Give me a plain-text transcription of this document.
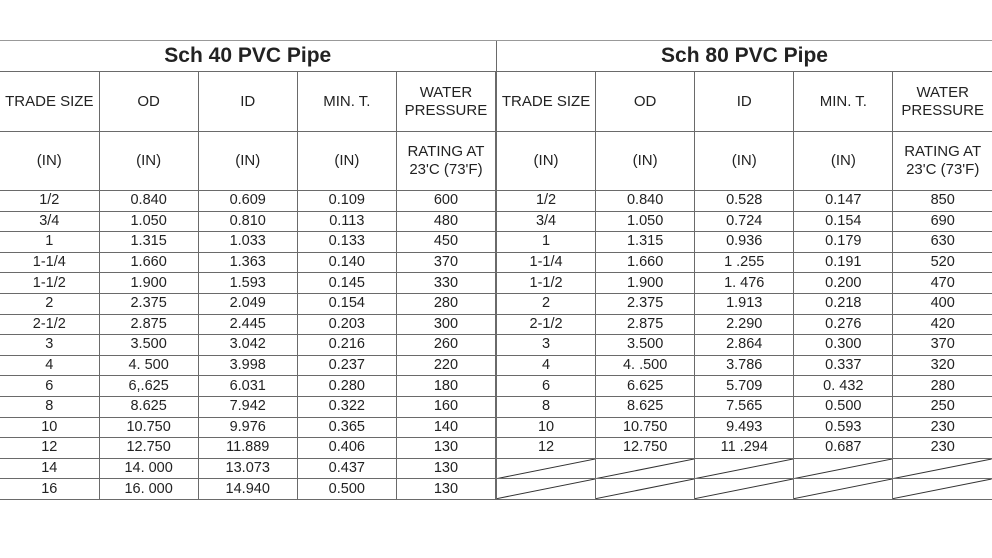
Sch 40 PVC Pipe				
TRADE SIZE	OD	ID	MIN. T.	WATER
PRESSURE
(IN)	(IN)	(IN)	(IN)	RATING AT
23'C (73'F)
1/2	0.840	0.609	0.109	600
3/4	1.050	0.810	0.113	480
1	1.315	1.033	0.133	450
1-1/4	1.660	1.363	0.140	370
1-1/2	1.900	1.593	0.145	330
2	2.375	2.049	0.154	280
2-1/2	2.875	2.445	0.203	300
3	3.500	3.042	0.216	260
4	4. 500	3.998	0.237	220
6	6,.625	6.031	0.280	180
8	8.625	7.942	0.322	160
10	10.750	9.976	0.365	140
12	12.750	11.889	0.406	130
14	14. 000	13.073	0.437	130
16	16. 000	14.940	0.500	130
Sch 80 PVC Pipe				
TRADE SIZE	OD	ID	MIN. T.	WATER
PRESSURE
(IN)	(IN)	(IN)	(IN)	RATING AT
23'C (73'F)
1/2	0.840	0.528	0.147	850
3/4	1.050	0.724	0.154	690
1	1.315	0.936	0.179	630
1-1/4	1.660	1 .255	0.191	520
1-1/2	1.900	1. 476	0.200	470
2	2.375	1.913	0.218	400
2-1/2	2.875	2.290	0.276	420
3	3.500	2.864	0.300	370
4	4. .500	3.786	0.337	320
6	6.625	5.709	0. 432	280
8	8.625	7.565	0.500	250
10	10.750	9.493	0.593	230
12	12.750	11 .294	0.687	230
